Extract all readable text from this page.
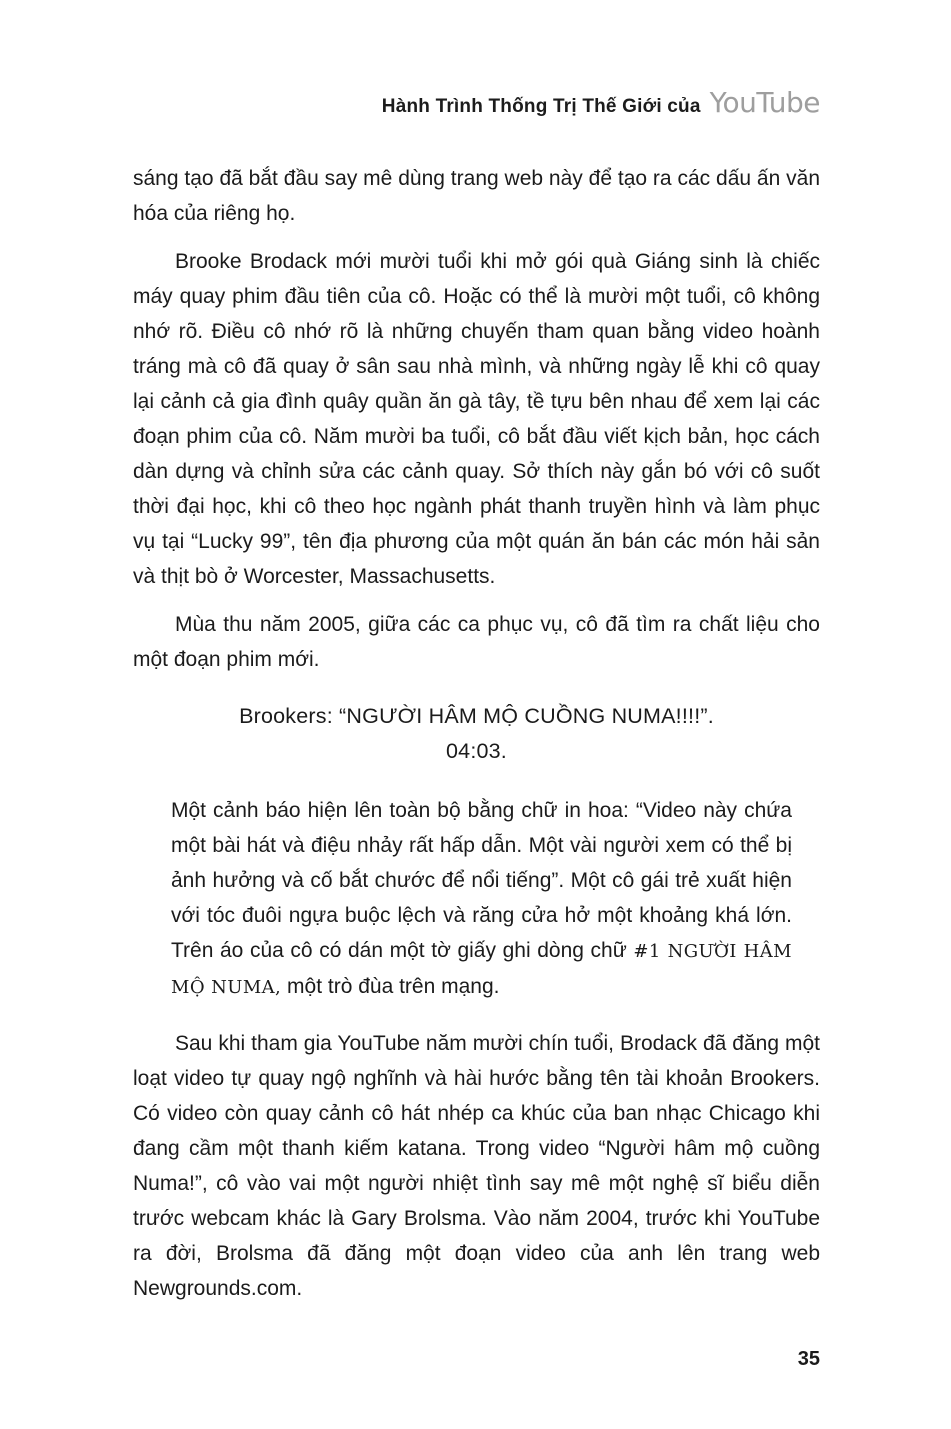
Hành Trình Thống Trị Thế Giới của YouTube

sáng tạo đã bắt đầu say mê dùng trang web này để tạo ra các dấu ấn văn hóa của riêng họ.

Brooke Brodack mới mười tuổi khi mở gói quà Giáng sinh là chiếc máy quay phim đầu tiên của cô. Hoặc có thể là mười một tuổi, cô không nhớ rõ. Điều cô nhớ rõ là những chuyến tham quan bằng video hoành tráng mà cô đã quay ở sân sau nhà mình, và những ngày lễ khi cô quay lại cảnh cả gia đình quây quần ăn gà tây, tề tựu bên nhau để xem lại các đoạn phim của cô. Năm mười ba tuổi, cô bắt đầu viết kịch bản, học cách dàn dựng và chỉnh sửa các cảnh quay. Sở thích này gắn bó với cô suốt thời đại học, khi cô theo học ngành phát thanh truyền hình và làm phục vụ tại “Lucky 99”, tên địa phương của một quán ăn bán các món hải sản và thịt bò ở Worcester, Massachusetts.

Mùa thu năm 2005, giữa các ca phục vụ, cô đã tìm ra chất liệu cho một đoạn phim mới.

Brookers: “NGƯỜI HÂM MỘ CUỒNG NUMA!!!!”.
04:03.
Một cảnh báo hiện lên toàn bộ bằng chữ in hoa: “Video này chứa một bài hát và điệu nhảy rất hấp dẫn. Một vài người xem có thể bị ảnh hưởng và cố bắt chước để nổi tiếng”. Một cô gái trẻ xuất hiện với tóc đuôi ngựa buộc lệch và răng cửa hở một khoảng khá lớn. Trên áo của cô có dán một tờ giấy ghi dòng chữ #1 NGƯỜI HÂM MỘ NUMA, một trò đùa trên mạng.

Sau khi tham gia YouTube năm mười chín tuổi, Brodack đã đăng một loạt video tự quay ngộ nghĩnh và hài hước bằng tên tài khoản Brookers. Có video còn quay cảnh cô hát nhép ca khúc của ban nhạc Chicago khi đang cầm một thanh kiếm katana. Trong video “Người hâm mộ cuồng Numa!”, cô vào vai một người nhiệt tình say mê một nghệ sĩ biểu diễn trước webcam khác là Gary Brolsma. Vào năm 2004, trước khi YouTube ra đời, Brolsma đã đăng một đoạn video của anh lên trang web Newgrounds.com.

35
